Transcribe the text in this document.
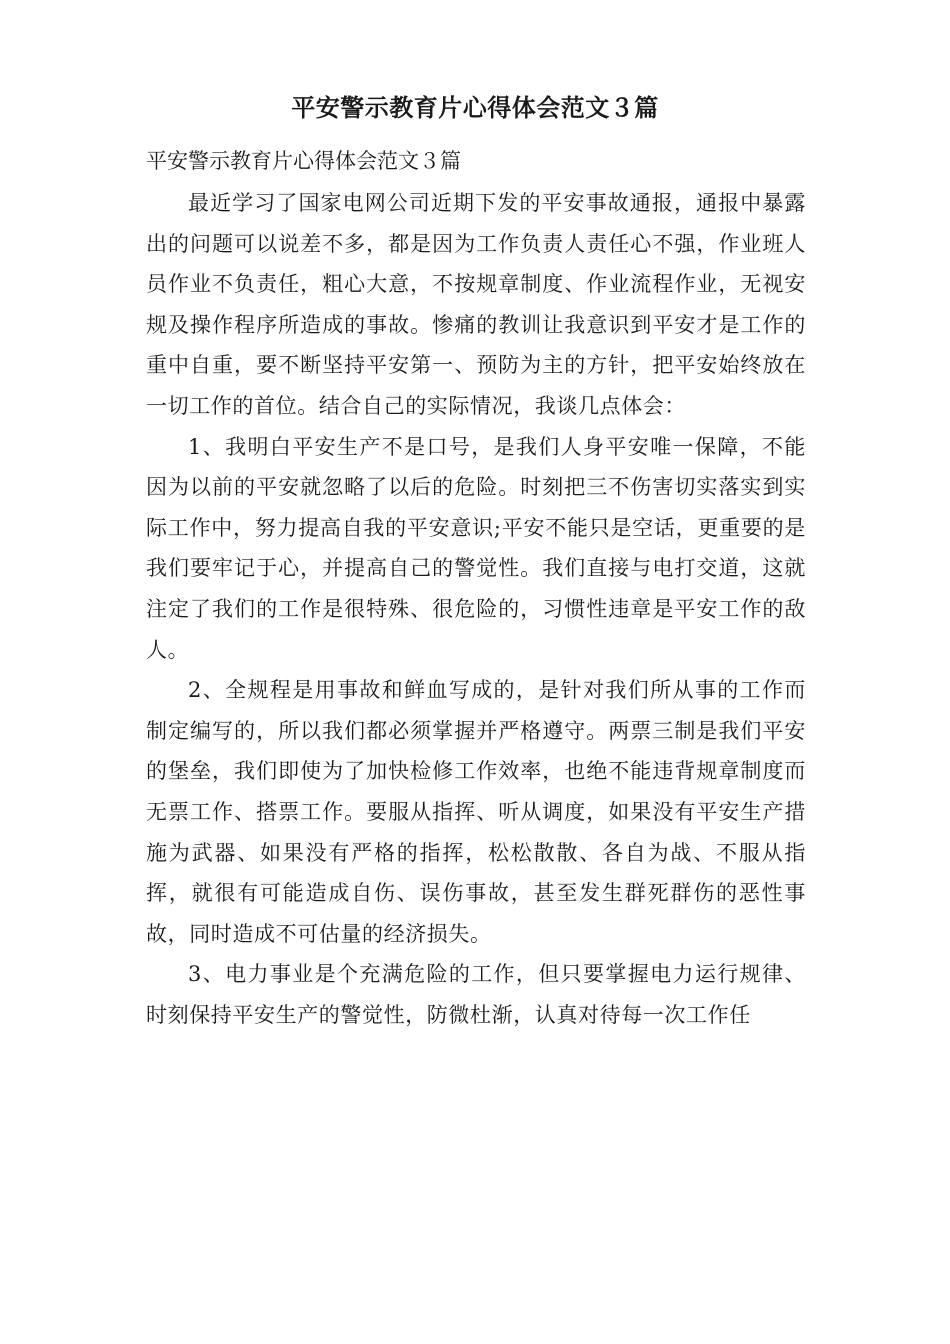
平安警示教育片心得体会范文３篇
平安警示教育片心得体会范文３篇

最近学习了国家电网公司近期下发的平安事故通报，通报中暴露出的问题可以说差不多，都是因为工作负责人责任心不强，作业班人员作业不负责任，粗心大意，不按规章制度、作业流程作业，无视安规及操作程序所造成的事故。惨痛的教训让我意识到平安才是工作的重中自重，要不断坚持平安第一、预防为主的方针，把平安始终放在一切工作的首位。结合自己的实际情况，我谈几点体会：

1、我明白平安生产不是口号，是我们人身平安唯一保障，不能因为以前的平安就忽略了以后的危险。时刻把三不伤害切实落实到实际工作中，努力提高自我的平安意识;平安不能只是空话，更重要的是我们要牢记于心，并提高自己的警觉性。我们直接与电打交道，这就注定了我们的工作是很特殊、很危险的，习惯性违章是平安工作的敌人。

2、全规程是用事故和鲜血写成的，是针对我们所从事的工作而制定编写的，所以我们都必须掌握并严格遵守。两票三制是我们平安的堡垒，我们即使为了加快检修工作效率，也绝不能违背规章制度而无票工作、搭票工作。要服从指挥、听从调度，如果没有平安生产措施为武器、如果没有严格的指挥，松松散散、各自为战、不服从指挥，就很有可能造成自伤、误伤事故，甚至发生群死群伤的恶性事故，同时造成不可估量的经济损失。

3、电力事业是个充满危险的工作，但只要掌握电力运行规律、时刻保持平安生产的警觉性，防微杜渐，认真对待每一次工作任
